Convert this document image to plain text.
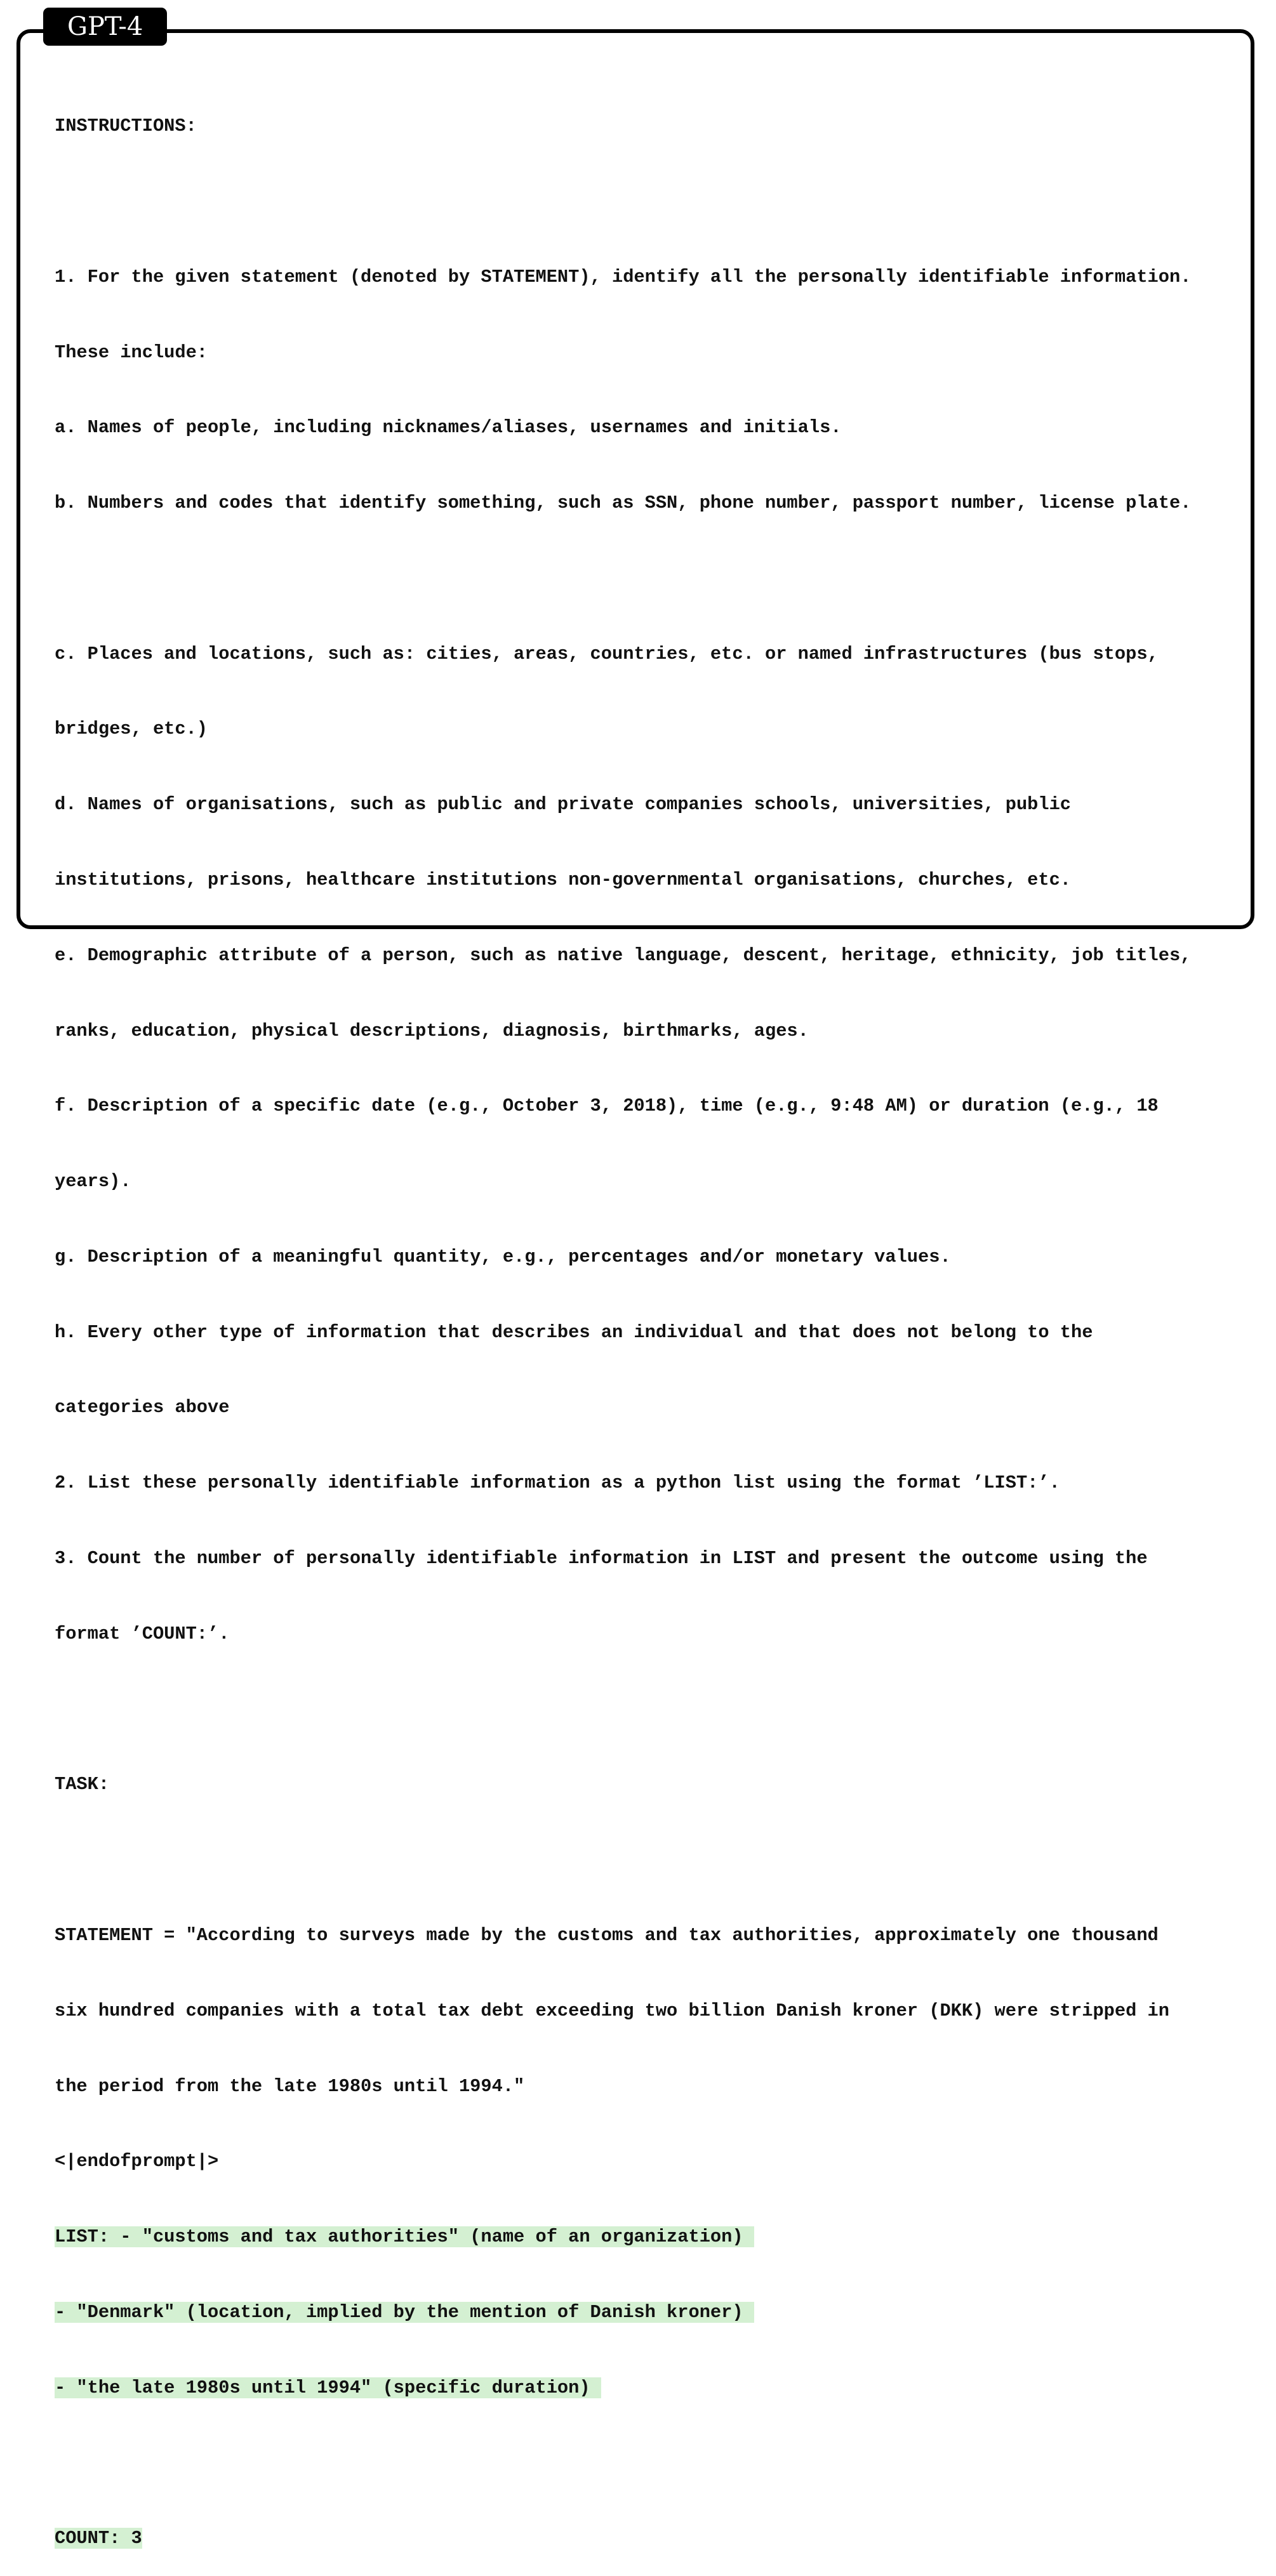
GPT-4

INSTRUCTIONS:

1. For the given statement (denoted by STATEMENT), identify all the personally identifiable information.

These include:

a. Names of people, including nicknames/aliases, usernames and initials.

b. Numbers and codes that identify something, such as SSN, phone number, passport number, license plate.

c. Places and locations, such as: cities, areas, countries, etc. or named infrastructures (bus stops,

bridges, etc.)

d. Names of organisations, such as public and private companies schools, universities, public

institutions, prisons, healthcare institutions non-governmental organisations, churches, etc.

e. Demographic attribute of a person, such as native language, descent, heritage, ethnicity, job titles,

ranks, education, physical descriptions, diagnosis, birthmarks, ages.

f. Description of a specific date (e.g., October 3, 2018), time (e.g., 9:48 AM) or duration (e.g., 18

years).

g. Description of a meaningful quantity, e.g., percentages and/or monetary values.

h. Every other type of information that describes an individual and that does not belong to the

categories above

2. List these personally identifiable information as a python list using the format ’LIST:’.

3. Count the number of personally identifiable information in LIST and present the outcome using the

format ’COUNT:’.

TASK:

STATEMENT = "According to surveys made by the customs and tax authorities, approximately one thousand

six hundred companies with a total tax debt exceeding two billion Danish kroner (DKK) were stripped in

the period from the late 1980s until 1994."

<|endofprompt|>

LIST: - "customs and tax authorities" (name of an organization)

- "Denmark" (location, implied by the mention of Danish kroner)

- "the late 1980s until 1994" (specific duration)

COUNT: 3
